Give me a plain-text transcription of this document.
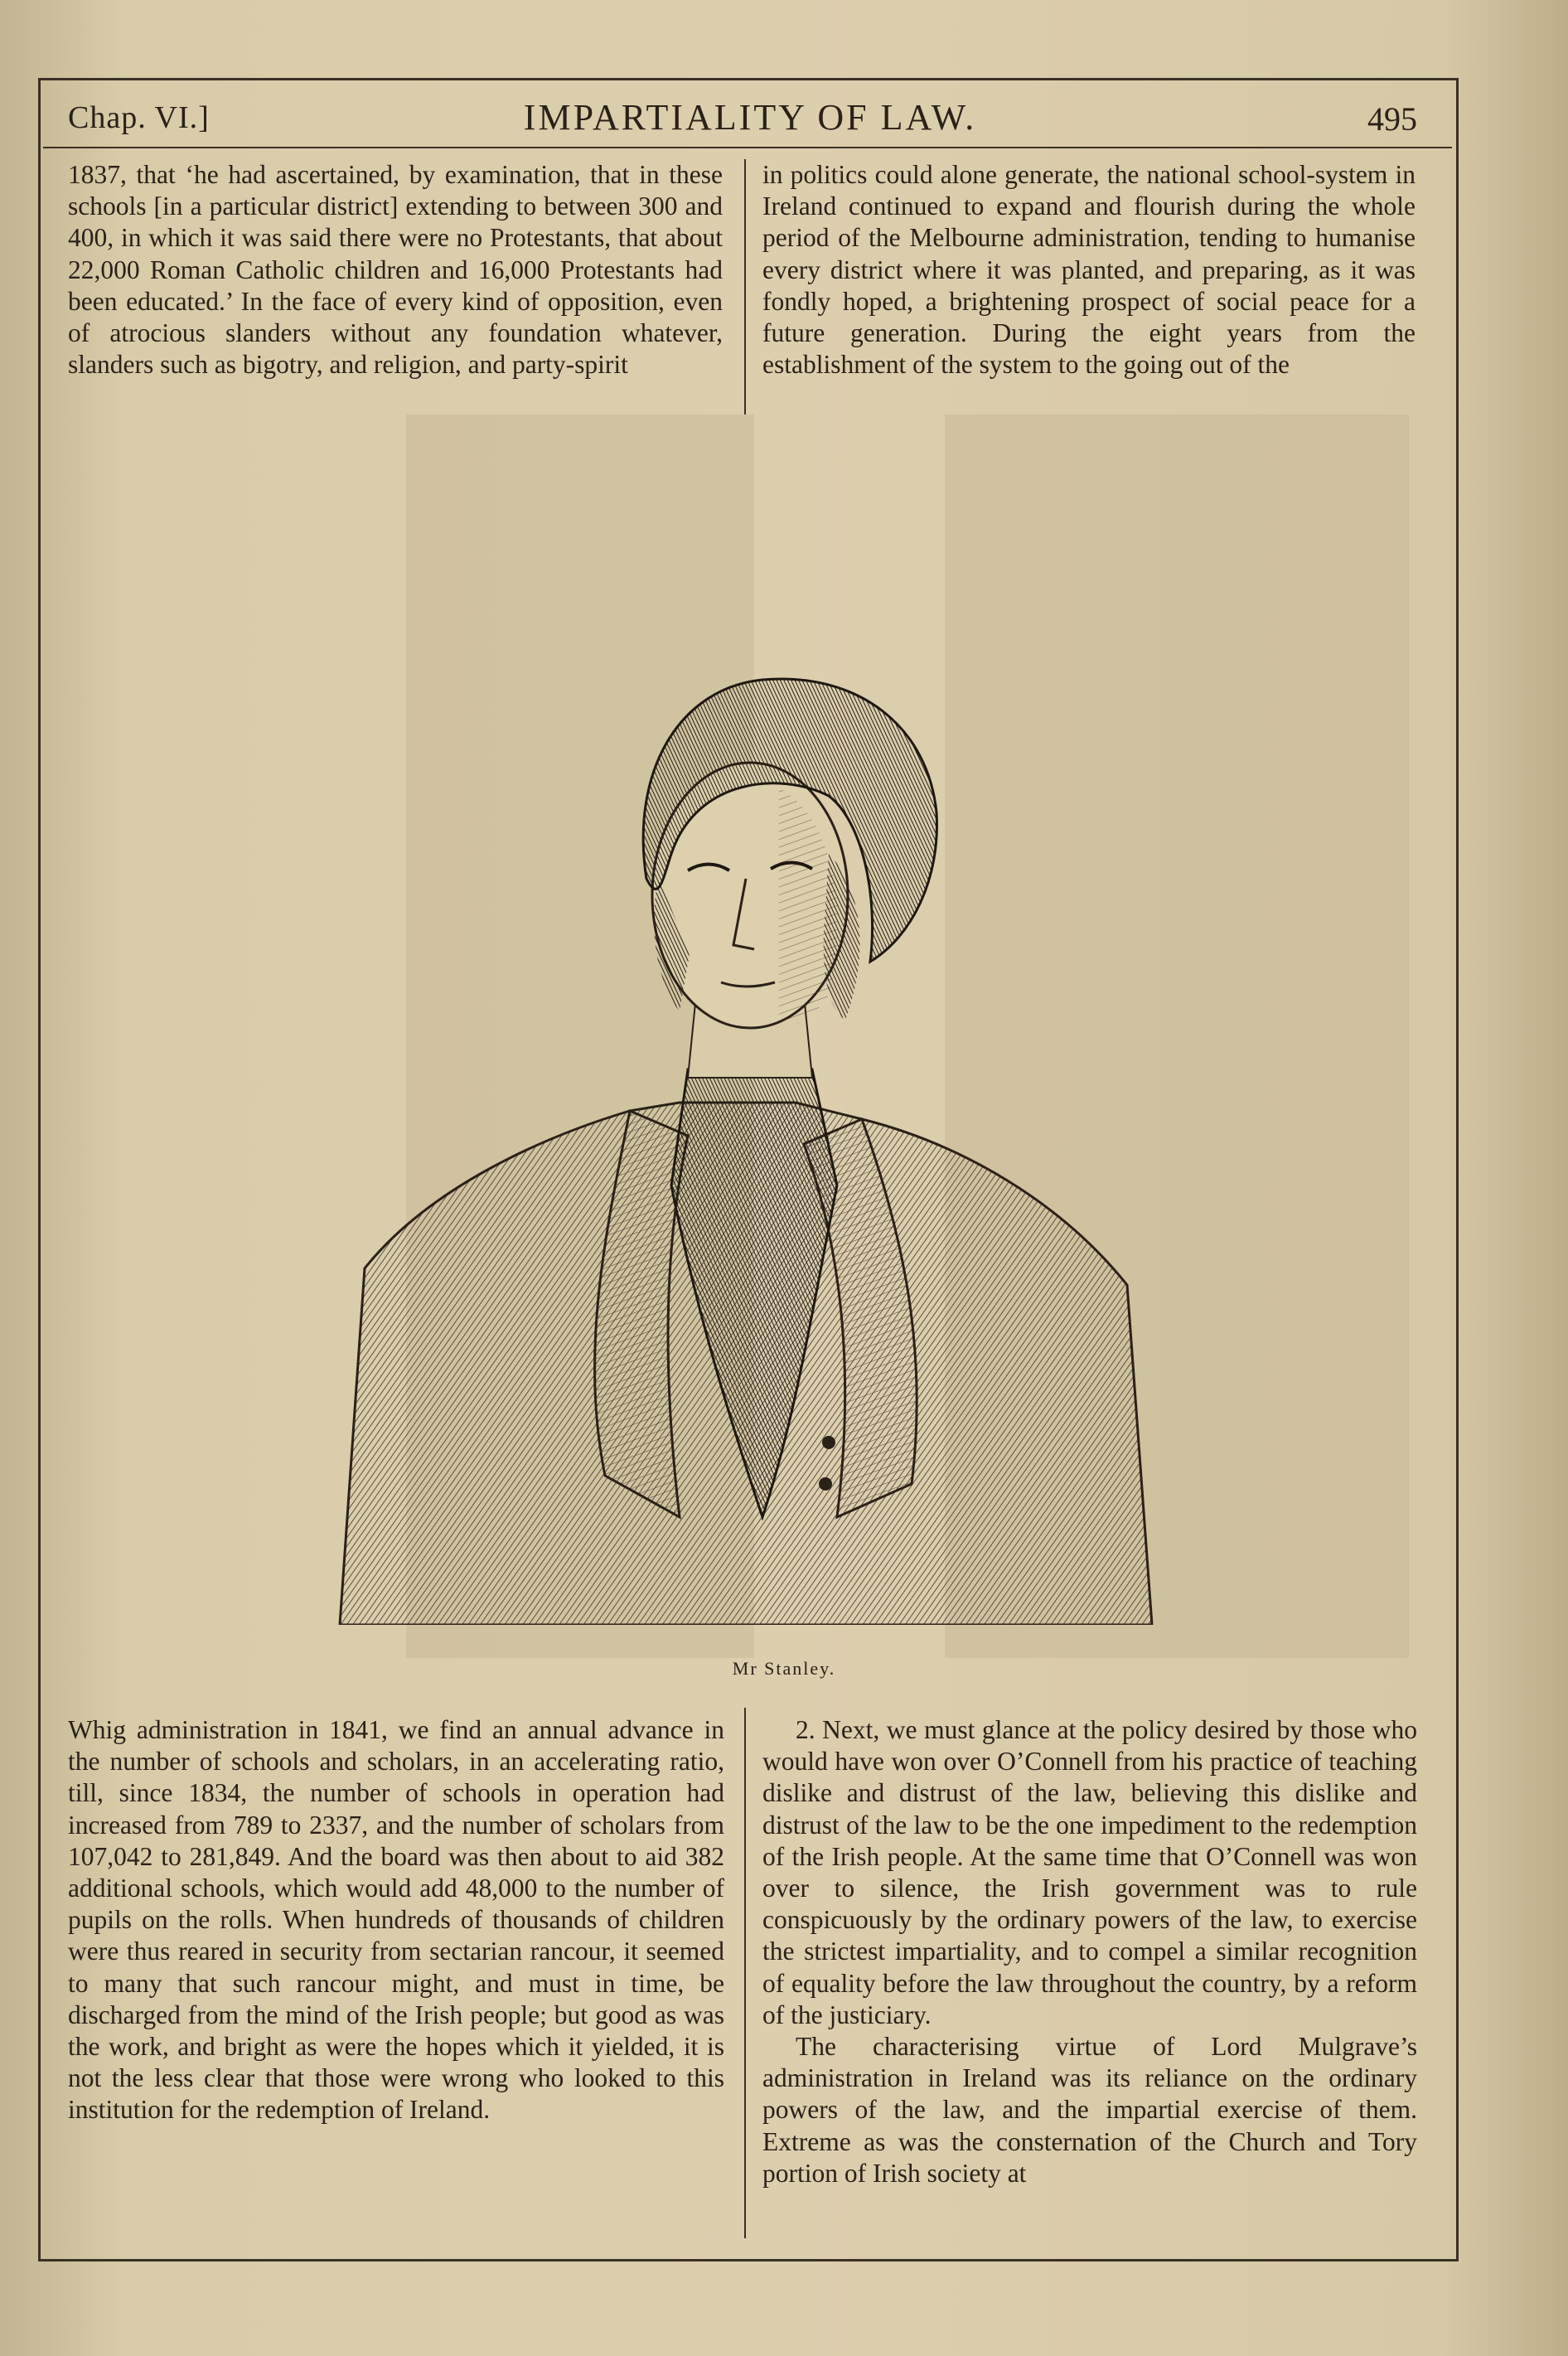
Chap. VI.]	IMPARTIALITY OF LAW.	495

1837, that ‘he had ascertained, by examination, that in these schools [in a particular district] extending to between 300 and 400, in which it was said there were no Protestants, that about 22,000 Roman Catholic children and 16,000 Protestants had been educated.’ In the face of every kind of opposition, even of atrocious slanders without any foundation whatever, slanders such as bigotry, and religion, and party-spirit

in politics could alone generate, the national school-system in Ireland continued to expand and flourish during the whole period of the Melbourne administration, tending to humanise every district where it was planted, and preparing, as it was fondly hoped, a brightening prospect of social peace for a future generation. During the eight years from the establishment of the system to the going out of the

Mr Stanley.

Whig administration in 1841, we find an annual advance in the number of schools and scholars, in an accelerating ratio, till, since 1834, the number of schools in operation had increased from 789 to 2337, and the number of scholars from 107,042 to 281,849. And the board was then about to aid 382 additional schools, which would add 48,000 to the number of pupils on the rolls. When hundreds of thousands of children were thus reared in security from sectarian rancour, it seemed to many that such rancour might, and must in time, be discharged from the mind of the Irish people; but good as was the work, and bright as were the hopes which it yielded, it is not the less clear that those were wrong who looked to this institution for the redemption of Ireland.

2. Next, we must glance at the policy desired by those who would have won over O’Connell from his practice of teaching dislike and distrust of the law, believing this dislike and distrust of the law to be the one impediment to the redemption of the Irish people. At the same time that O’Connell was won over to silence, the Irish government was to rule conspicuously by the ordinary powers of the law, to exercise the strictest impartiality, and to compel a similar recognition of equality before the law throughout the country, by a reform of the justiciary.

The characterising virtue of Lord Mulgrave’s administration in Ireland was its reliance on the ordinary powers of the law, and the impartial exercise of them. Extreme as was the consternation of the Church and Tory portion of Irish society at
